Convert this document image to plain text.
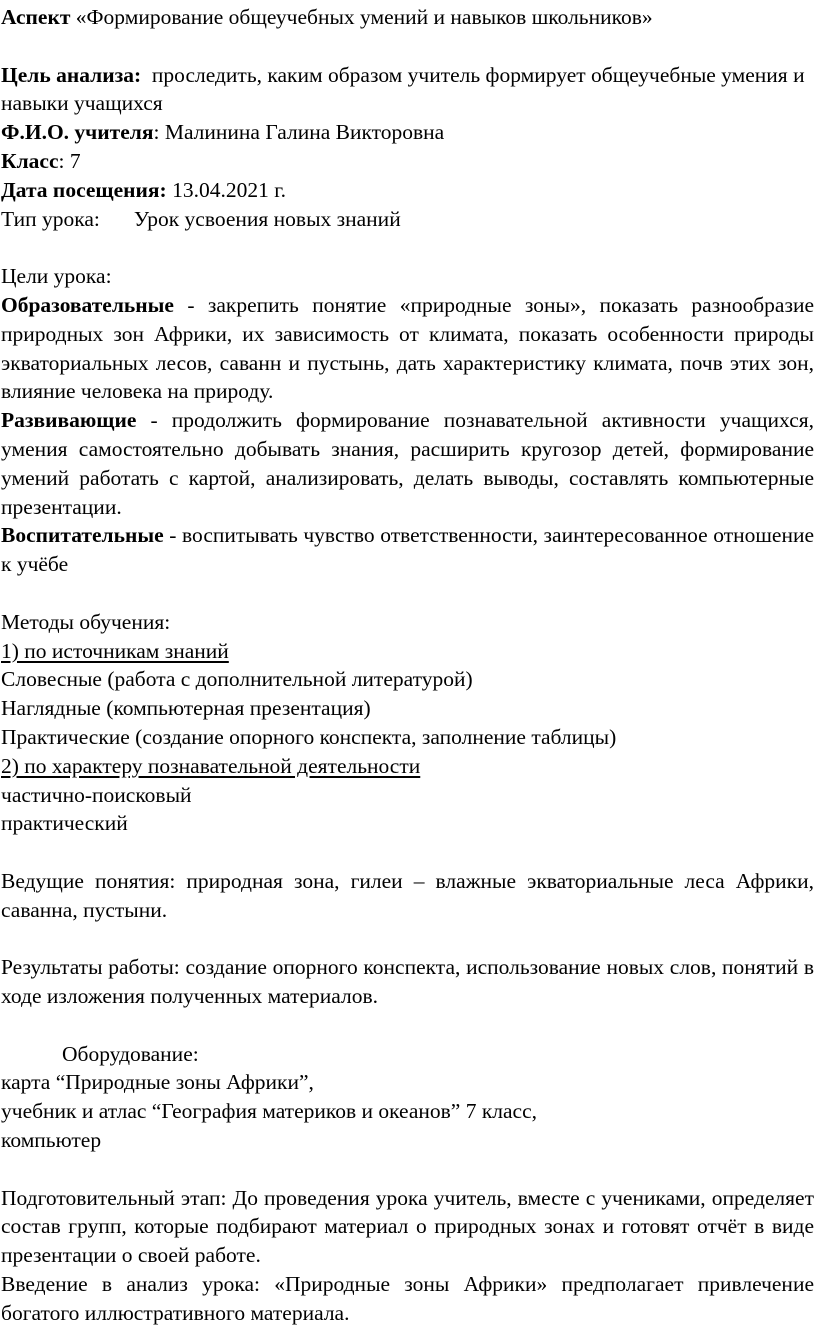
Аспект «Формирование общеучебных умений и навыков школьников»

Цель анализа: проследить, каким образом учитель формирует общеучебные умения и навыки учащихся

Ф.И.О. учителя: Малинина Галина Викторовна

Класс: 7

Дата посещения: 13.04.2021 г.

Тип урока: Урок усвоения новых знаний

Цели урока:

Образовательные - закрепить понятие «природные зоны», показать разнообразие природных зон Африки, их зависимость от климата, показать особенности природы экваториальных лесов, саванн и пустынь, дать характеристику климата, почв этих зон, влияние человека на природу.

Развивающие - продолжить формирование познавательной активности учащихся, умения самостоятельно добывать знания, расширить кругозор детей, формирование умений работать с картой, анализировать, делать выводы, составлять компьютерные презентации.

Воспитательные - воспитывать чувство ответственности, заинтересованное отношение к учёбе

Методы обучения:

1) по источникам знаний

Словесные (работа с дополнительной литературой)

Наглядные (компьютерная презентация)

Практические (создание опорного конспекта, заполнение таблицы)

2) по характеру познавательной деятельности

частично-поисковый

практический

Ведущие понятия: природная зона, гилеи – влажные экваториальные леса Африки, саванна, пустыни.

Результаты работы: создание опорного конспекта, использование новых слов, понятий в ходе изложения полученных материалов.

Оборудование:

карта “Природные зоны Африки”,

учебник и атлас “География материков и океанов” 7 класс,

компьютер

Подготовительный этап: До проведения урока учитель, вместе с учениками, определяет состав групп, которые подбирают материал о природных зонах и готовят отчёт в виде презентации о своей работе.

Введение в анализ урока: «Природные зоны Африки» предполагает привлечение богатого иллюстративного материала.
